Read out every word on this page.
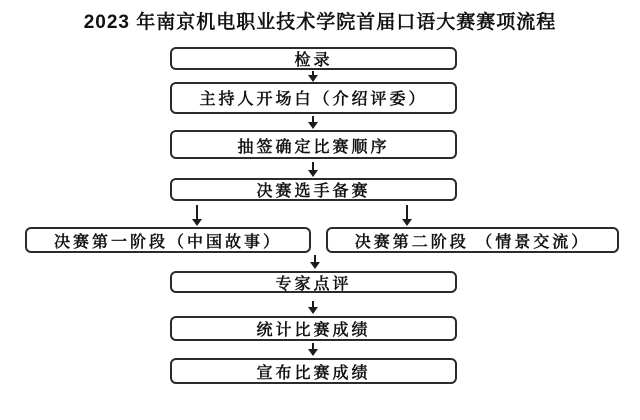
2023 年南京机电职业技术学院首届口语大赛赛项流程
检录
主持人开场白（介绍评委）
抽签确定比赛顺序
决赛选手备赛
决赛第一阶段（中国故事）	决赛第二阶段 （情景交流）
专家点评
统计比赛成绩
宣布比赛成绩
